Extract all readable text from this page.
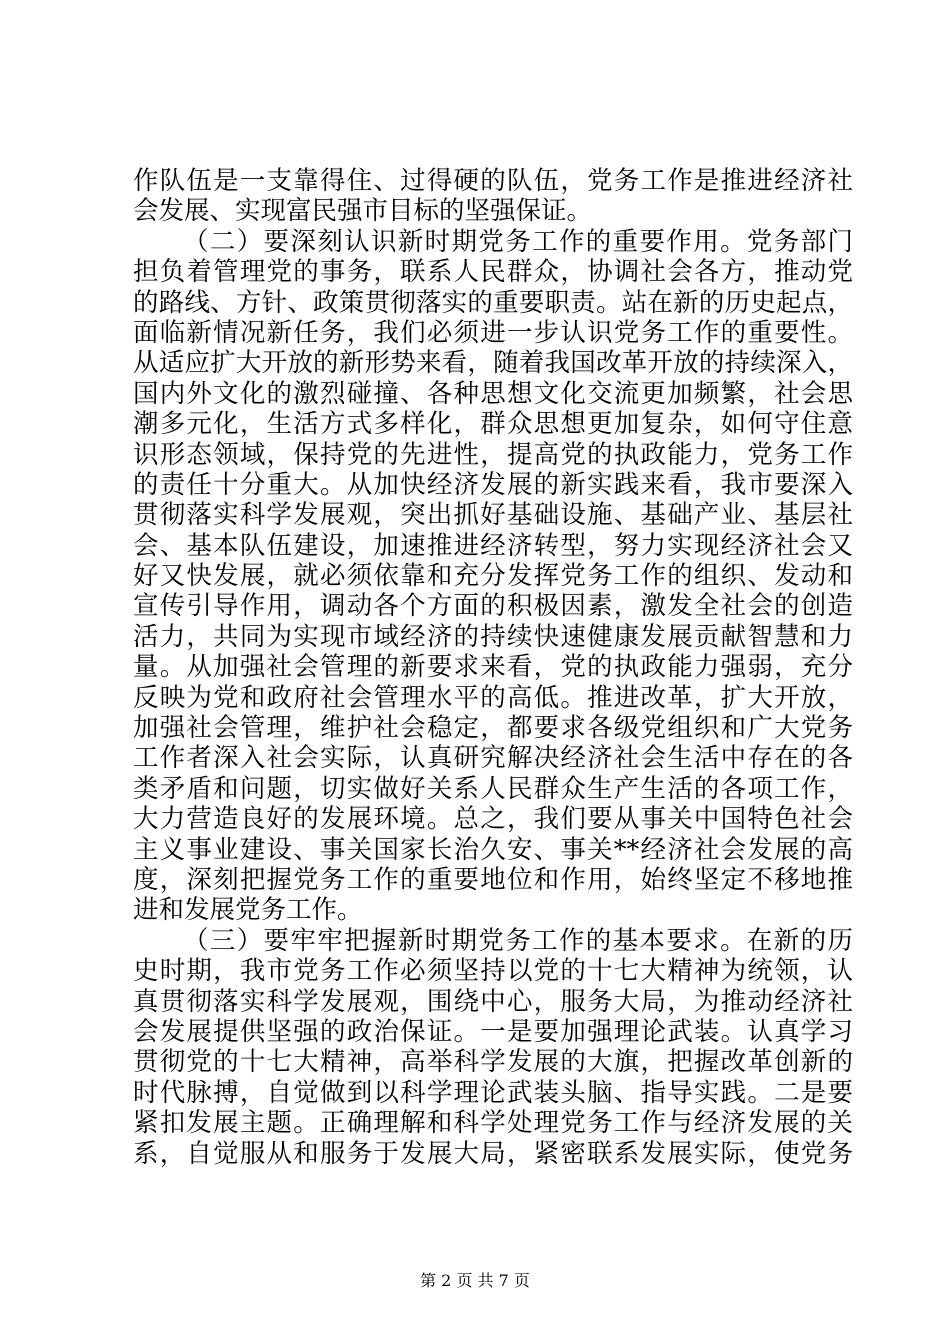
作队伍是一支靠得住、过得硬的队伍，党务工作是推进经济社
会发展、实现富民强市目标的坚强保证。
（二）要深刻认识新时期党务工作的重要作用。党务部门
担负着管理党的事务，联系人民群众，协调社会各方，推动党
的路线、方针、政策贯彻落实的重要职责。站在新的历史起点，
面临新情况新任务，我们必须进一步认识党务工作的重要性。
从适应扩大开放的新形势来看，随着我国改革开放的持续深入，
国内外文化的激烈碰撞、各种思想文化交流更加频繁，社会思
潮多元化，生活方式多样化，群众思想更加复杂，如何守住意
识形态领域，保持党的先进性，提高党的执政能力，党务工作
的责任十分重大。从加快经济发展的新实践来看，我市要深入
贯彻落实科学发展观，突出抓好基础设施、基础产业、基层社
会、基本队伍建设，加速推进经济转型，努力实现经济社会又
好又快发展，就必须依靠和充分发挥党务工作的组织、发动和
宣传引导作用，调动各个方面的积极因素，激发全社会的创造
活力，共同为实现市域经济的持续快速健康发展贡献智慧和力
量。从加强社会管理的新要求来看，党的执政能力强弱，充分
反映为党和政府社会管理水平的高低。推进改革，扩大开放，
加强社会管理，维护社会稳定，都要求各级党组织和广大党务
工作者深入社会实际，认真研究解决经济社会生活中存在的各
类矛盾和问题，切实做好关系人民群众生产生活的各项工作，
大力营造良好的发展环境。总之，我们要从事关中国特色社会
主义事业建设、事关国家长治久安、事关**经济社会发展的高
度，深刻把握党务工作的重要地位和作用，始终坚定不移地推
进和发展党务工作。
（三）要牢牢把握新时期党务工作的基本要求。在新的历
史时期，我市党务工作必须坚持以党的十七大精神为统领，认
真贯彻落实科学发展观，围绕中心，服务大局，为推动经济社
会发展提供坚强的政治保证。一是要加强理论武装。认真学习
贯彻党的十七大精神，高举科学发展的大旗，把握改革创新的
时代脉搏，自觉做到以科学理论武装头脑、指导实践。二是要
紧扣发展主题。正确理解和科学处理党务工作与经济发展的关
系，自觉服从和服务于发展大局，紧密联系发展实际，使党务
第 2 页 共 7 页
